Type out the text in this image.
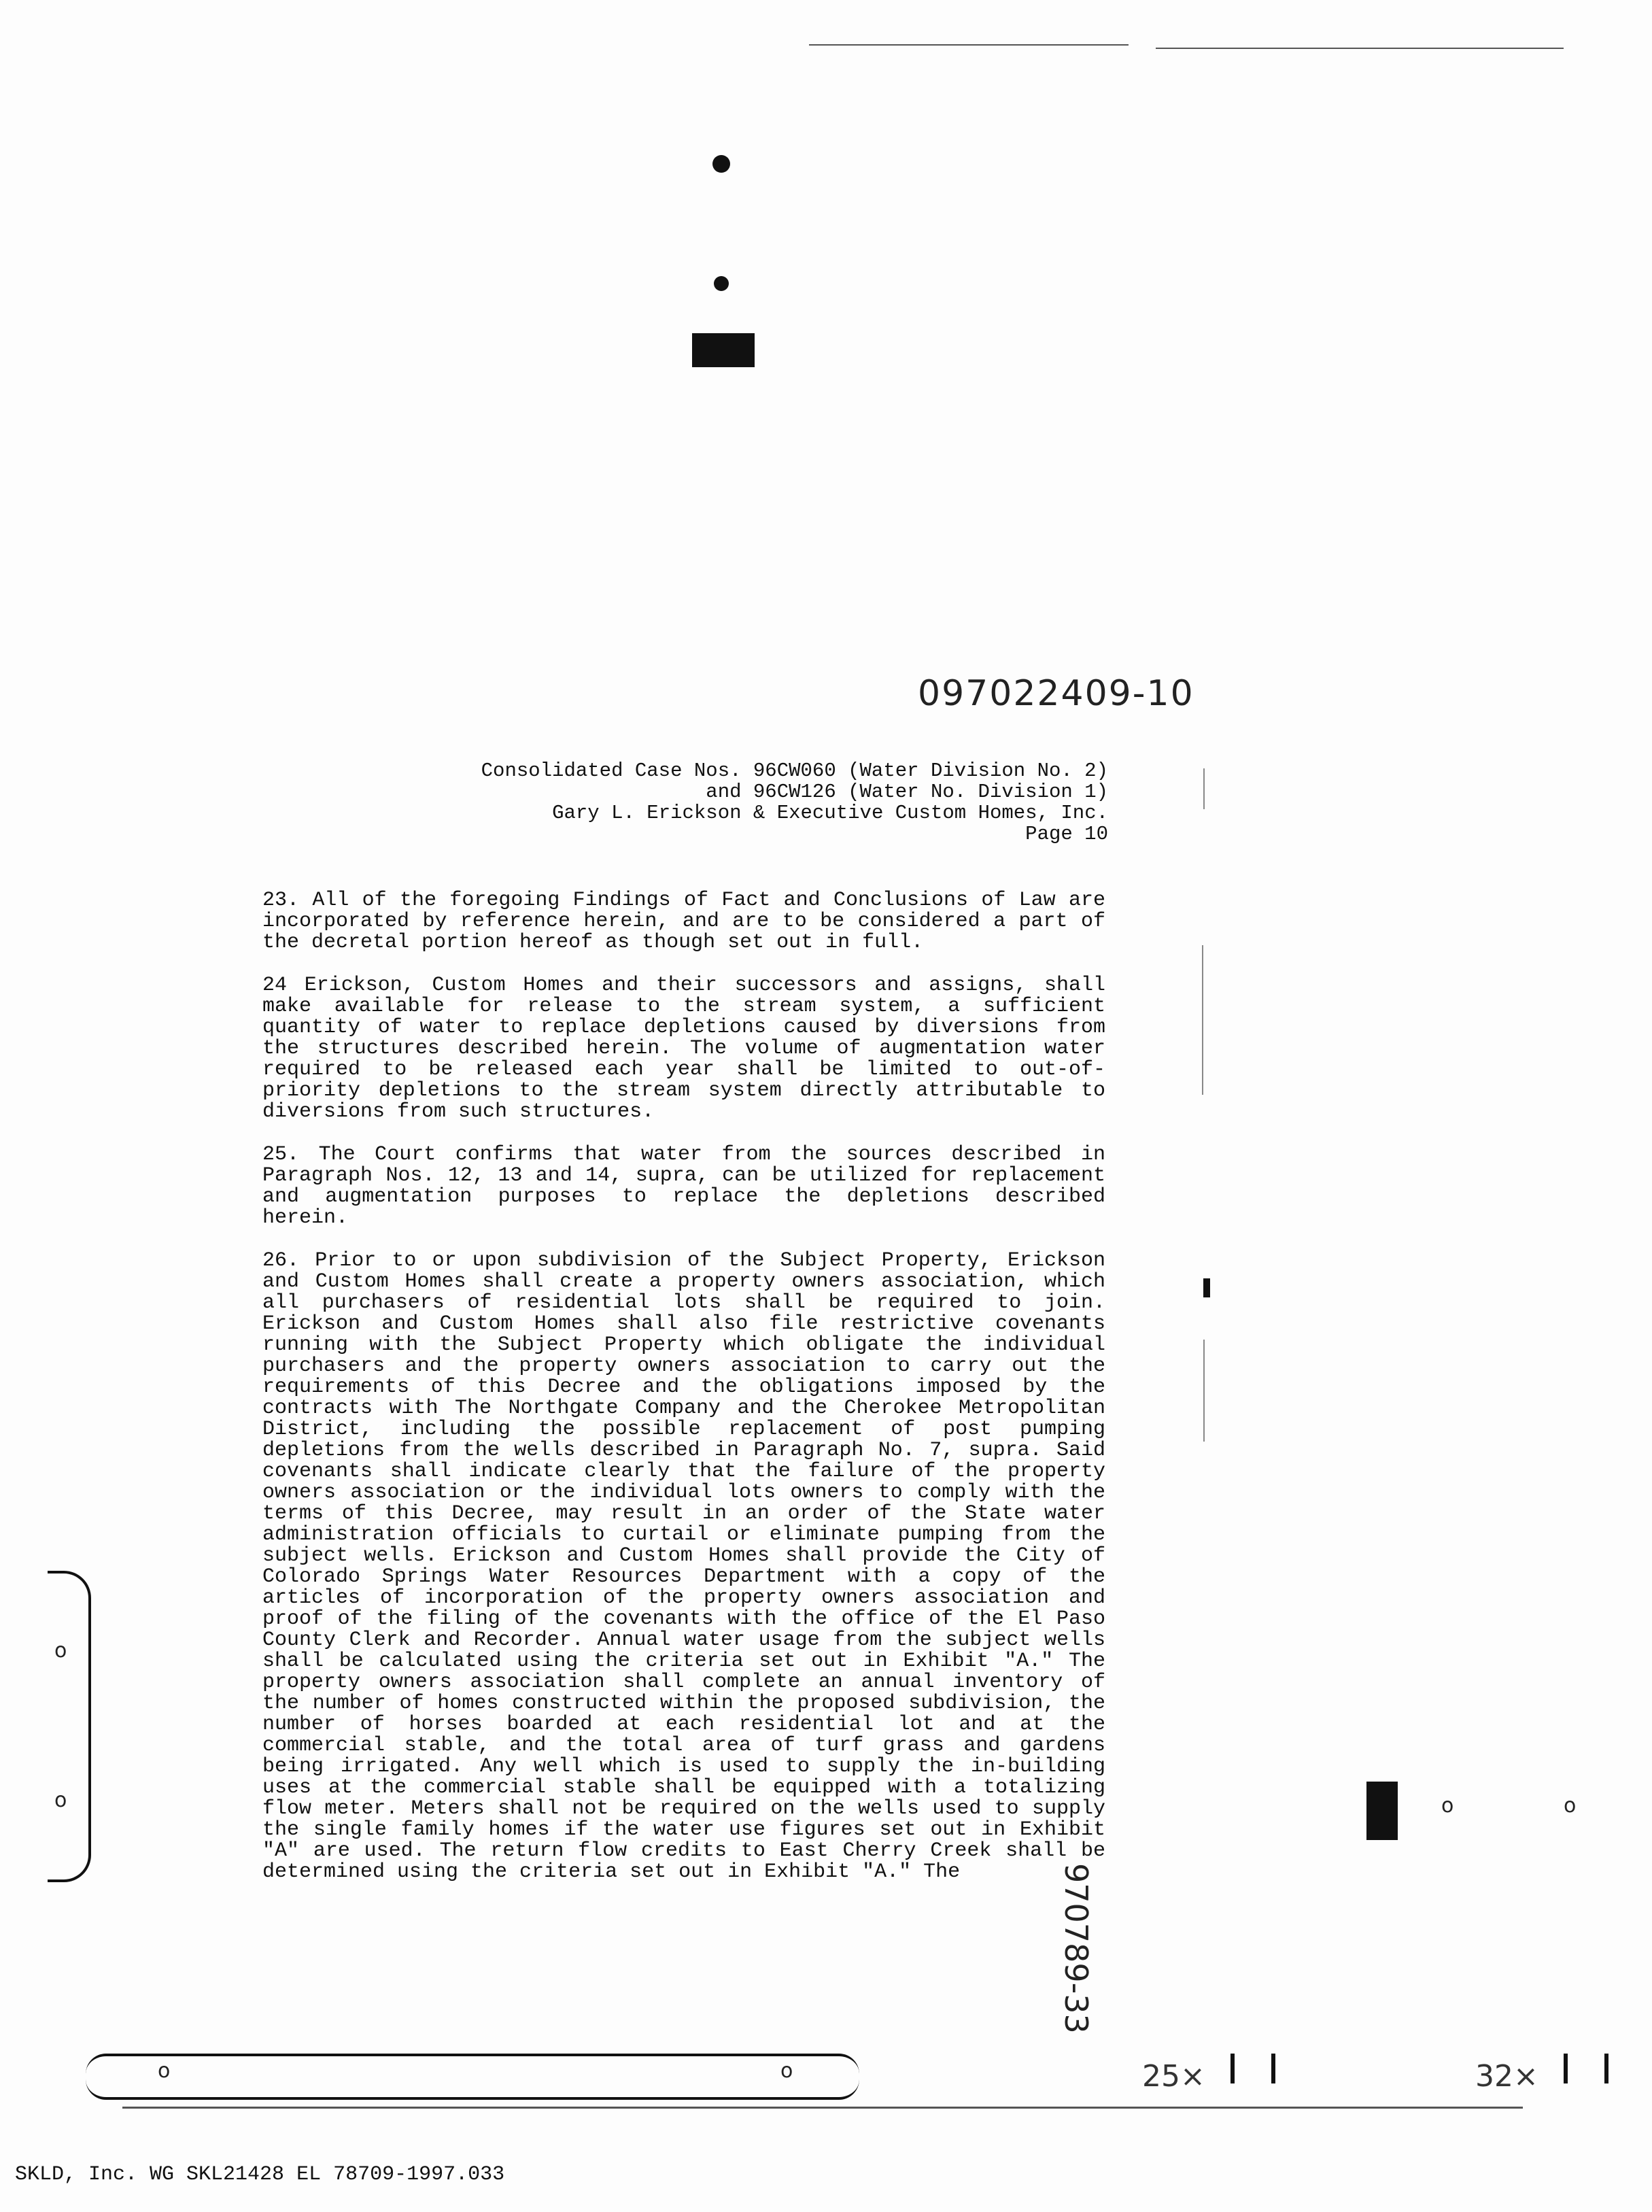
097022409-10
Consolidated Case Nos. 96CW060 (Water Division No. 2)
and 96CW126 (Water No. Division 1)
Gary L. Erickson & Executive Custom Homes, Inc.
Page 10

23. All of the foregoing Findings of Fact and Conclusions of Law are incorporated by reference herein, and are to be considered a part of the decretal portion hereof as though set out in full.

24 Erickson, Custom Homes and their successors and assigns, shall make available for release to the stream system, a sufficient quantity of water to replace depletions caused by diversions from the structures described herein. The volume of augmentation water required to be released each year shall be limited to out-of-priority depletions to the stream system directly attributable to diversions from such structures.

25. The Court confirms that water from the sources described in Paragraph Nos. 12, 13 and 14, supra, can be utilized for replacement and augmentation purposes to replace the depletions described herein.

26. Prior to or upon subdivision of the Subject Property, Erickson and Custom Homes shall create a property owners association, which all purchasers of residential lots shall be required to join. Erickson and Custom Homes shall also file restrictive covenants running with the Subject Property which obligate the individual purchasers and the property owners association to carry out the requirements of this Decree and the obligations imposed by the contracts with The Northgate Company and the Cherokee Metropolitan District, including the possible replacement of post pumping depletions from the wells described in Paragraph No. 7, supra. Said covenants shall indicate clearly that the failure of the property owners association or the individual lots owners to comply with the terms of this Decree, may result in an order of the State water administration officials to curtail or eliminate pumping from the subject wells. Erickson and Custom Homes shall provide the City of Colorado Springs Water Resources Department with a copy of the articles of incorporation of the property owners association and proof of the filing of the covenants with the office of the El Paso County Clerk and Recorder. Annual water usage from the subject wells shall be calculated using the criteria set out in Exhibit "A." The property owners association shall complete an annual inventory of the number of homes constructed within the proposed subdivision, the number of horses boarded at each residential lot and at the commercial stable, and the total area of turf grass and gardens being irrigated. Any well which is used to supply the in-building uses at the commercial stable shall be equipped with a totalizing flow meter. Meters shall not be required on the wells used to supply the single family homes if the water use figures set out in Exhibit "A" are used. The return flow credits to East Cherry Creek shall be determined using the criteria set out in Exhibit "A." The	970789-33
o
o	o	o
o	o	25×	32×
SKLD, Inc. WG SKL21428 EL 78709-1997.033
